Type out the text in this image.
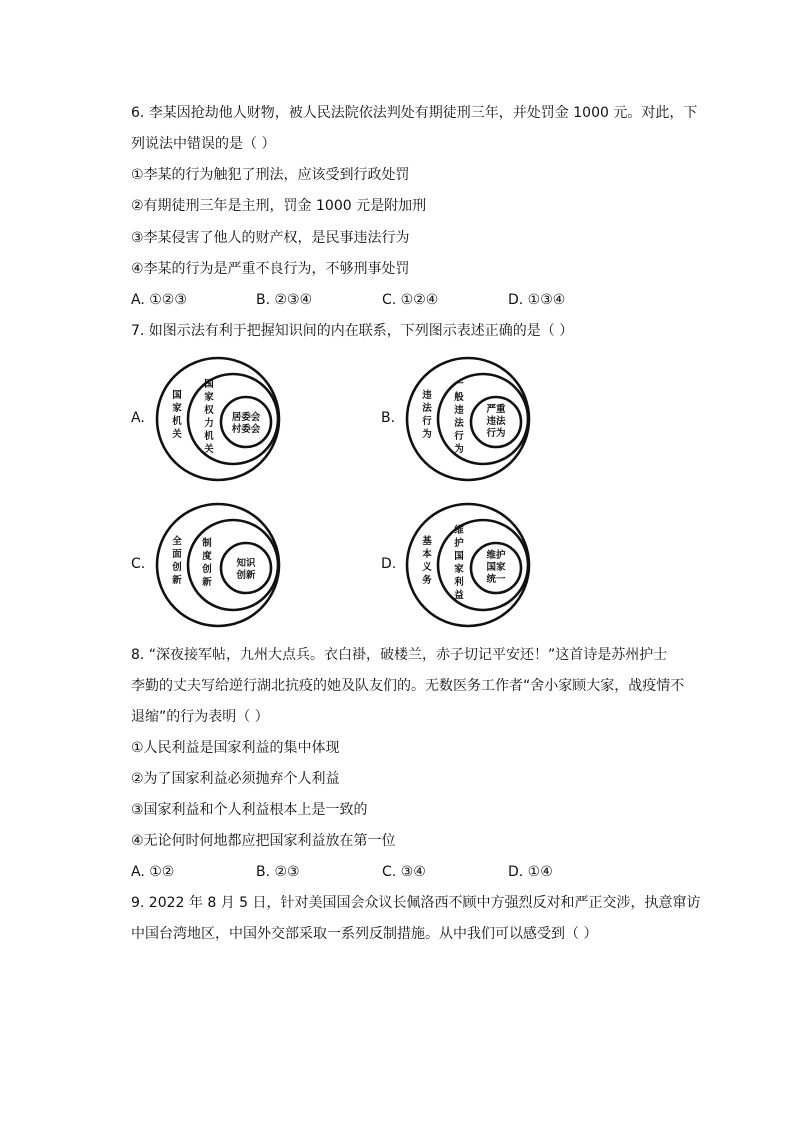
6. 李某因抢劫他人财物，被人民法院依法判处有期徒刑三年，并处罚金 1000 元。对此，下
列说法中错误的是（ ）
①李某的行为触犯了刑法，应该受到行政处罚
②有期徒刑三年是主刑，罚金 1000 元是附加刑
③李某侵害了他人的财产权，是民事违法行为
④李某的行为是严重不良行为，不够刑事处罚
A. ①②③	B. ②③④	C. ①②④	D. ①③④
7. 如图示法有利于把握知识间的内在联系，下列图示表述正确的是（ ）
A.
国
家
机
关
国
家
权
力
机
关
居委会
村委会
B.
违
法
行
为
一
般
违
法
行
为
严重
违法
行为
C.
全
面
创
新
制
度
创
新
知识
创新
D.
基
本
义
务
维
护
国
家
利
益
维护
国家
统一
8. “深夜接军帖，九州大点兵。衣白褂，破楼兰，赤子切记平安还！”这首诗是苏州护士
李勤的丈夫写给逆行湖北抗疫的她及队友们的。无数医务工作者“舍小家顾大家，战疫情不
退缩”的行为表明（ ）
①人民利益是国家利益的集中体现
②为了国家利益必须抛弃个人利益
③国家利益和个人利益根本上是一致的
④无论何时何地都应把国家利益放在第一位
A. ①②	B. ②③	C. ③④	D. ①④
9. 2022 年 8 月 5 日，针对美国国会众议长佩洛西不顾中方强烈反对和严正交涉，执意窜访
中国台湾地区，中国外交部采取一系列反制措施。从中我们可以感受到（ ）
